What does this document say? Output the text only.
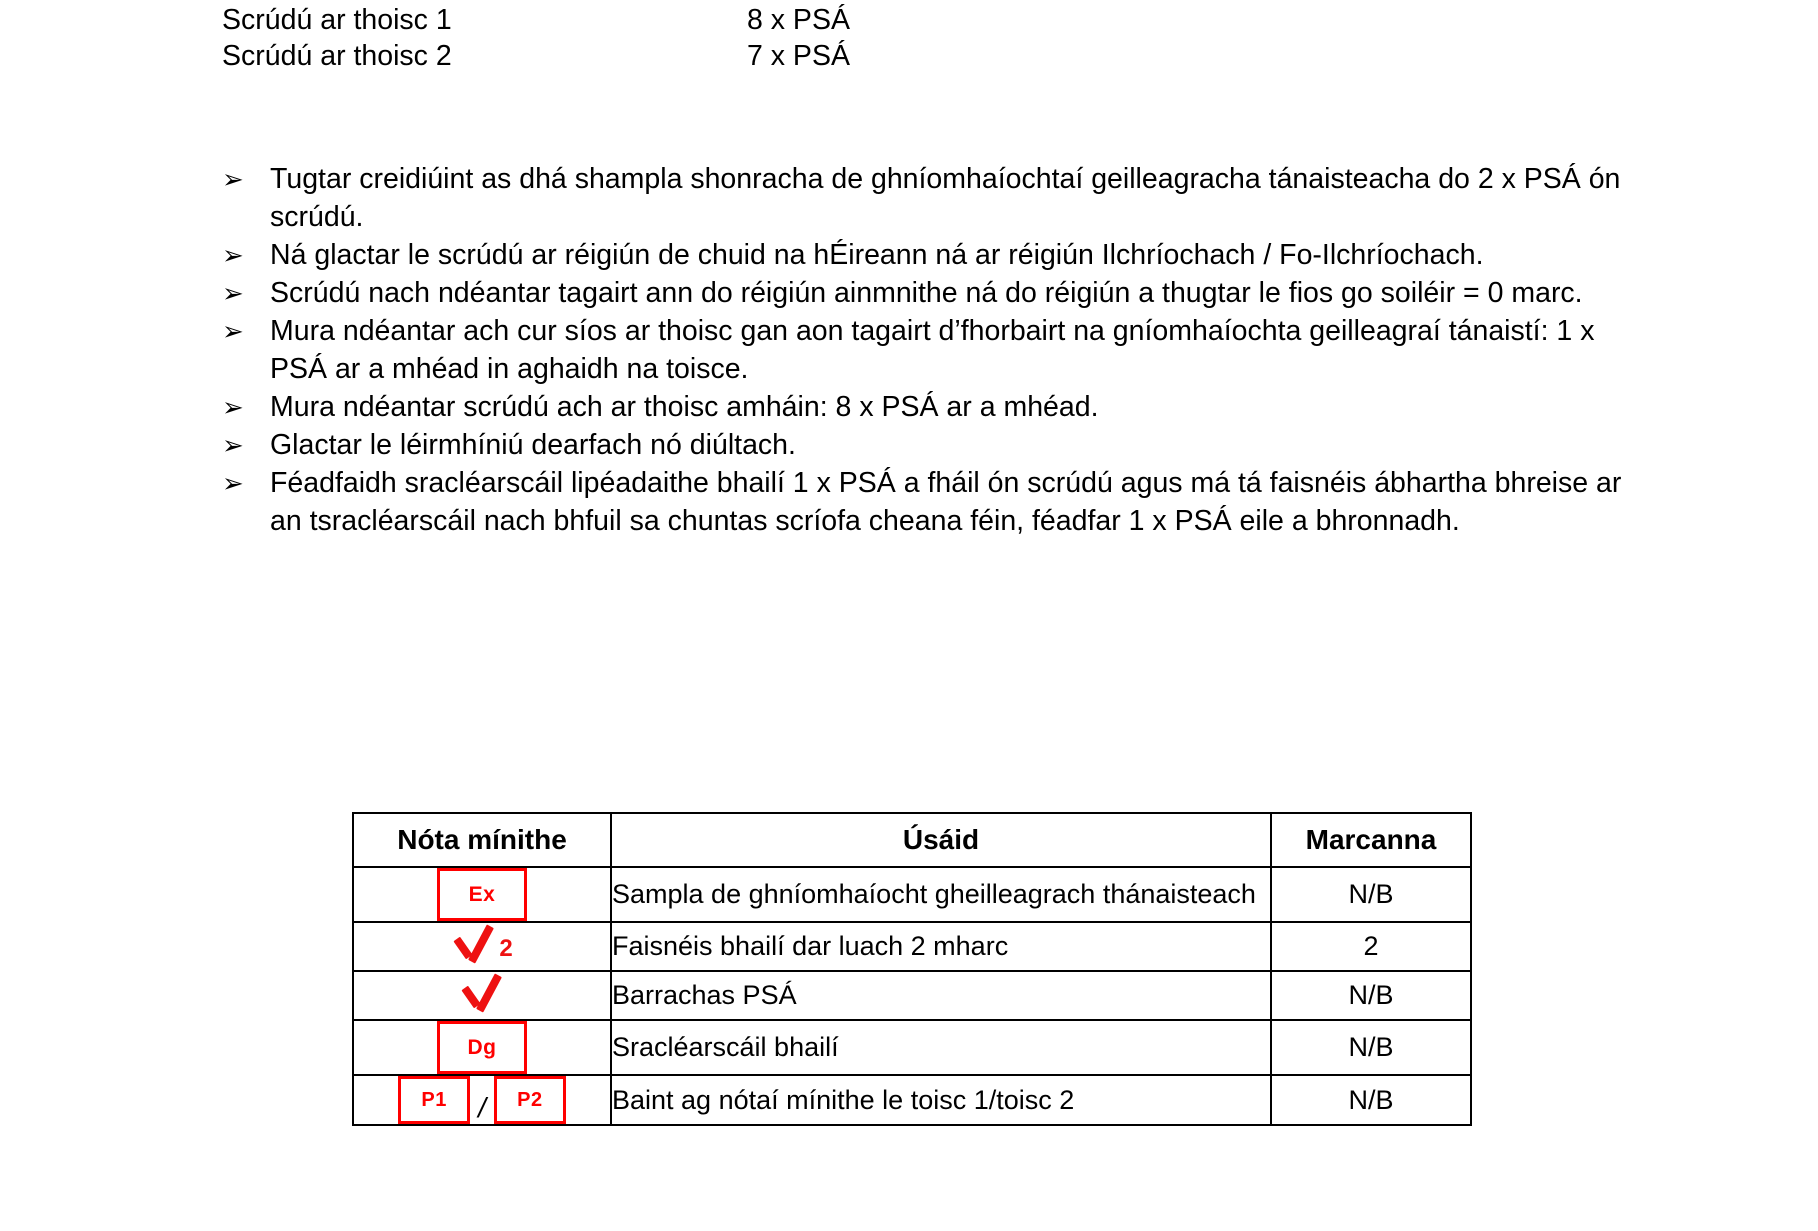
Scrúdú ar thoisc 1	8 x PSÁ
Scrúdú ar thoisc 2	7 x PSÁ
➢ Tugtar creidiúint as dhá shampla shonracha de ghníomhaíochtaí geilleagracha tánaisteacha do 2 x PSÁ ón scrúdú.
➢ Ná glactar le scrúdú ar réigiún de chuid na hÉireann ná ar réigiún Ilchríochach / Fo-Ilchríochach.
➢ Scrúdú nach ndéantar tagairt ann do réigiún ainmnithe ná do réigiún a thugtar le fios go soiléir = 0 marc.
➢ Mura ndéantar ach cur síos ar thoisc gan aon tagairt d’fhorbairt na gníomhaíochta geilleagraí tánaistí: 1 x PSÁ ar a mhéad in aghaidh na toisce.
➢ Mura ndéantar scrúdú ach ar thoisc amháin: 8 x PSÁ ar a mhéad.
➢ Glactar le léirmhíniú dearfach nó diúltach.
➢ Féadfaidh sracléarscáil lipéadaithe bhailí 1 x PSÁ a fháil ón scrúdú agus má tá faisnéis ábhartha bhreise ar an tsracléarscáil nach bhfuil sa chuntas scríofa cheana féin, féadfar 1 x PSÁ eile a bhronnadh.
Nóta mínithe	Úsáid	Marcanna
Ex	Sampla de ghníomhaíocht gheilleagrach thánaisteach	N/B

2	Faisnéis bhailí dar luach 2 mharc	2

	Barrachas PSÁ	N/B
Dg	Sracléarscáil bhailí	N/B

P1 / P2	Baint ag nótaí mínithe le toisc 1/toisc 2	N/B
